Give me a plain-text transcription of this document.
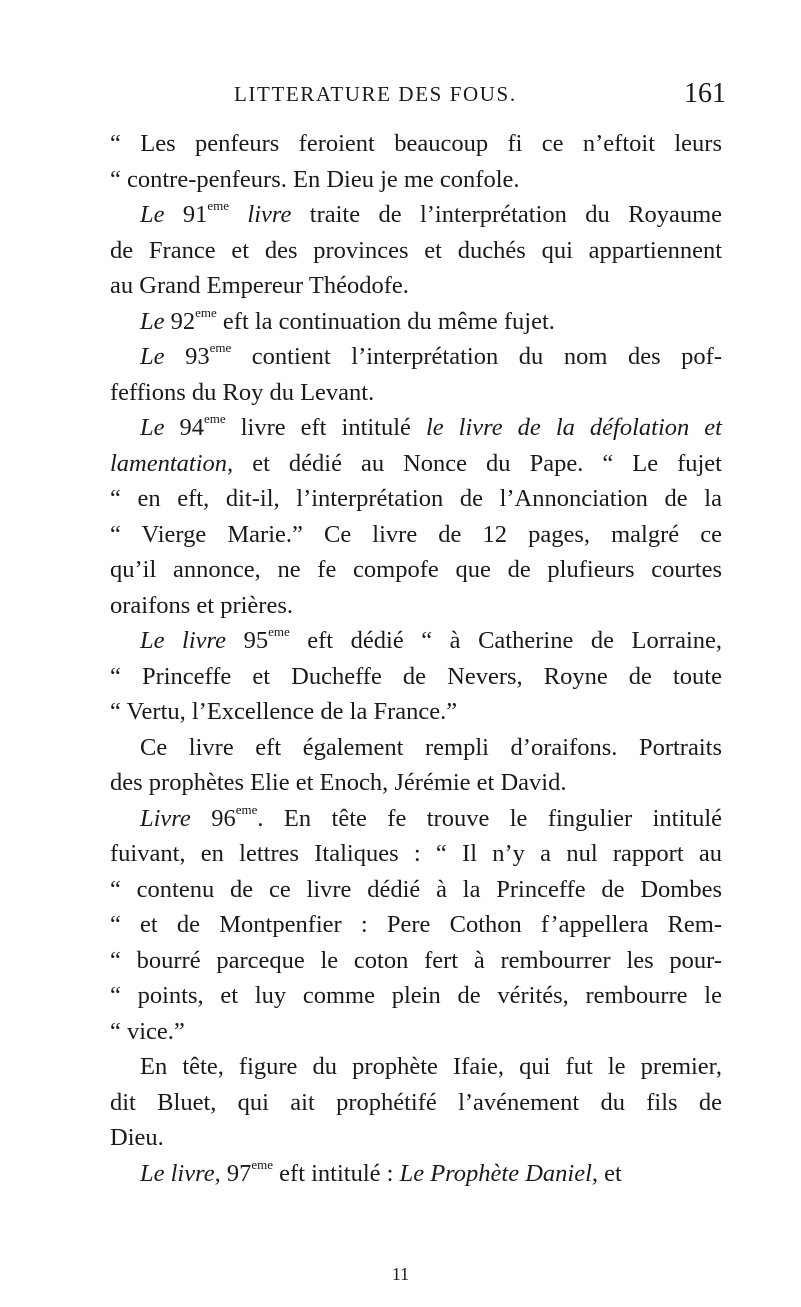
LITTERATURE DES FOUS.	161
“ Les penfeurs feroient beaucoup fi ce n’eftoit leurs
“ contre-penfeurs. En Dieu je me confole.
Le 91eme livre traite de l’interprétation du Royaume
de France et des provinces et duchés qui appartiennent
au Grand Empereur Théodofe.
Le 92eme eft la continuation du même fujet.
Le 93eme contient l’interprétation du nom des pof-
feffions du Roy du Levant.
Le 94eme livre eft intitulé le livre de la défolation et
lamentation, et dédié au Nonce du Pape. “ Le fujet
“ en eft, dit-il, l’interprétation de l’Annonciation de la
“ Vierge Marie.” Ce livre de 12 pages, malgré ce
qu’il annonce, ne fe compofe que de plufieurs courtes
oraifons et prières.
Le livre 95eme eft dédié “ à Catherine de Lorraine,
“ Princeffe et Ducheffe de Nevers, Royne de toute
“ Vertu, l’Excellence de la France.”
Ce livre eft également rempli d’oraifons. Portraits
des prophètes Elie et Enoch, Jérémie et David.
Livre 96eme. En tête fe trouve le fingulier intitulé
fuivant, en lettres Italiques : “ Il n’y a nul rapport au
“ contenu de ce livre dédié à la Princeffe de Dombes
“ et de Montpenfier : Pere Cothon f’appellera Rem-
“ bourré parceque le coton fert à rembourrer les pour-
“ points, et luy comme plein de vérités, rembourre le
“ vice.”
En tête, figure du prophète Ifaie, qui fut le premier,
dit Bluet, qui ait prophétifé l’avénement du fils de
Dieu.
Le livre, 97eme eft intitulé : Le Prophète Daniel, et
11
